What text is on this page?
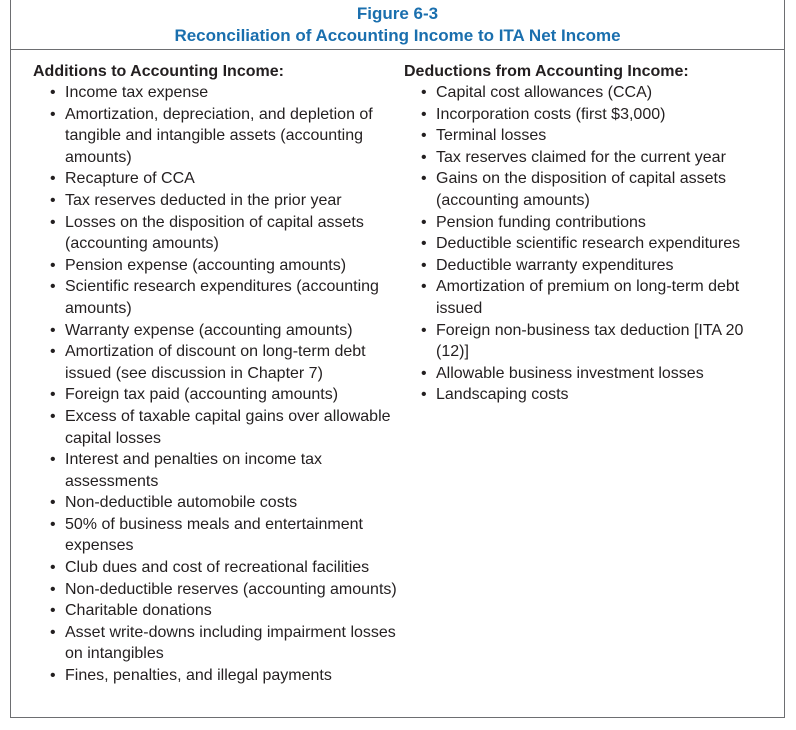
Figure 6-3
Reconciliation of Accounting Income to ITA Net Income

Additions to Accounting Income:

• Income tax expense
• Amortization, depreciation, and depletion of tangible and intangible assets (accounting amounts)
• Recapture of CCA
• Tax reserves deducted in the prior year
• Losses on the disposition of capital assets (accounting amounts)
• Pension expense (accounting amounts)
• Scientific research expenditures (accounting amounts)
• Warranty expense (accounting amounts)
• Amortization of discount on long-term debt issued (see discussion in Chapter 7)
• Foreign tax paid (accounting amounts)
• Excess of taxable capital gains over allowable capital losses
• Interest and penalties on income tax assessments
• Non-deductible automobile costs
• 50% of business meals and entertainment expenses
• Club dues and cost of recreational facilities
• Non-deductible reserves (accounting amounts)
• Charitable donations
• Asset write-downs including impairment losses on intangibles
• Fines, penalties, and illegal payments

Deductions from Accounting Income:

• Capital cost allowances (CCA)
• Incorporation costs (first $3,000)
• Terminal losses
• Tax reserves claimed for the current year
• Gains on the disposition of capital assets (accounting amounts)
• Pension funding contributions
• Deductible scientific research expenditures
• Deductible warranty expenditures
• Amortization of premium on long-term debt issued
• Foreign non-business tax deduction [ITA 20 (12)]
• Allowable business investment losses
• Landscaping costs
